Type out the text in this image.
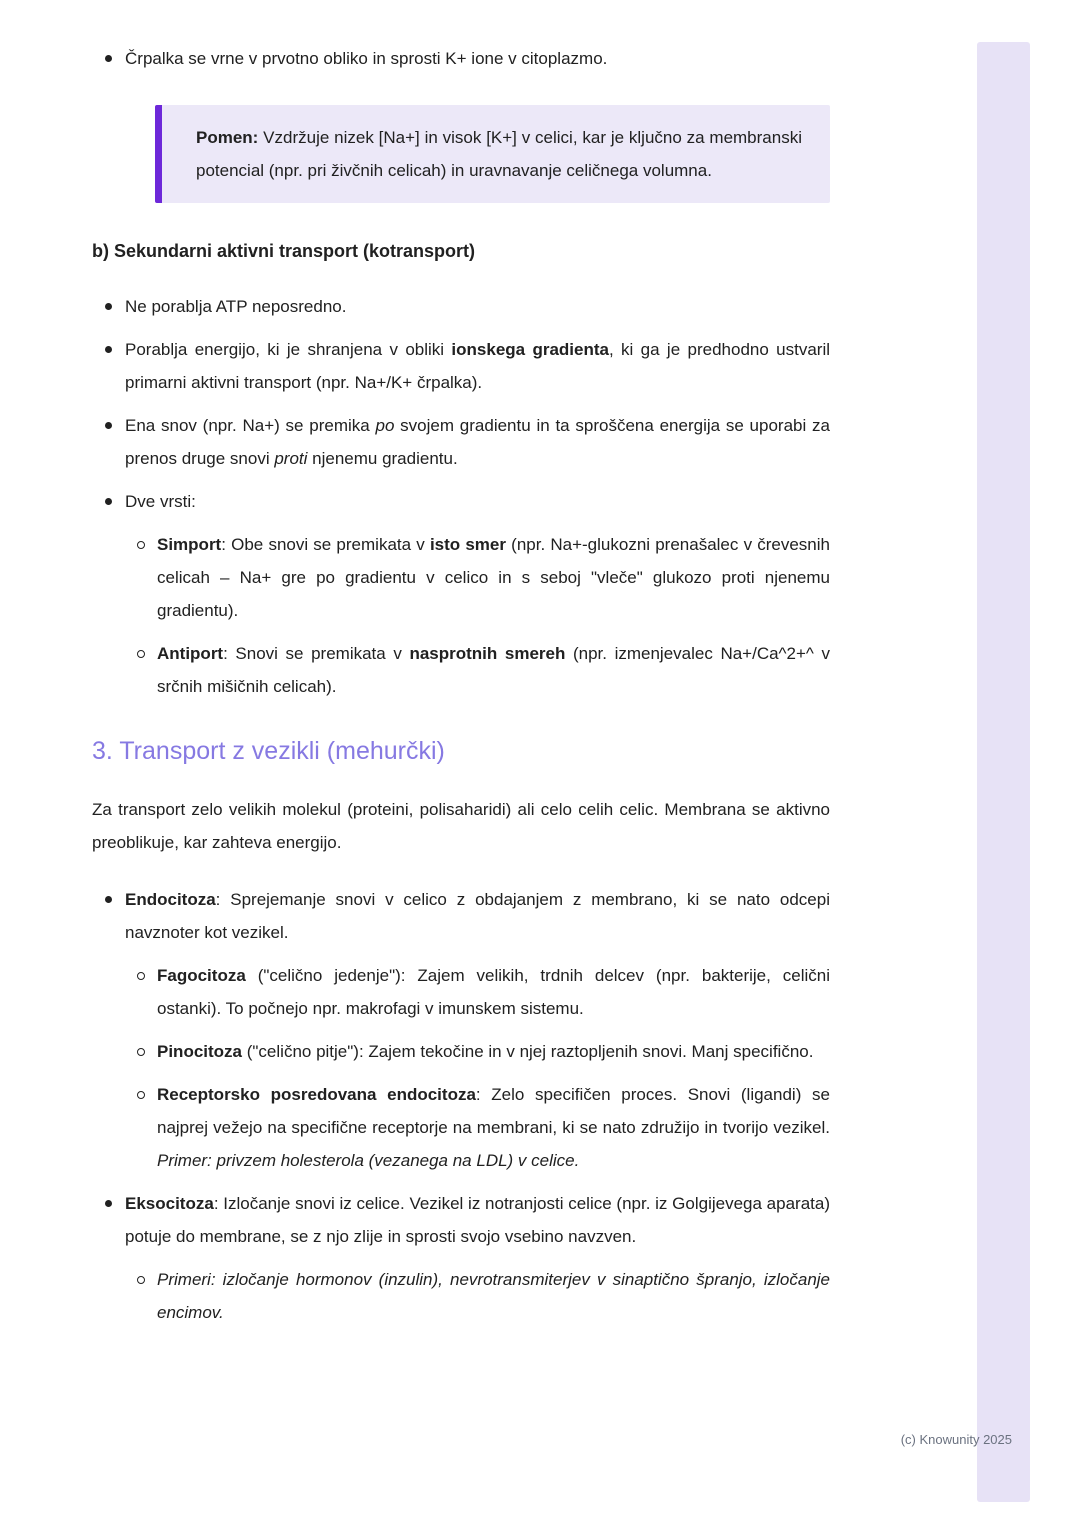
Črpalka se vrne v prvotno obliko in sprosti K+ ione v citoplazmo.
Pomen: Vzdržuje nizek [Na+] in visok [K+] v celici, kar je ključno za membranski potencial (npr. pri živčnih celicah) in uravnavanje celičnega volumna.
b) Sekundarni aktivni transport (kotransport)
Ne porablja ATP neposredno.
Porablja energijo, ki je shranjena v obliki ionskega gradienta, ki ga je predhodno ustvaril primarni aktivni transport (npr. Na+/K+ črpalka).
Ena snov (npr. Na+) se premika po svojem gradientu in ta sproščena energija se uporabi za prenos druge snovi proti njenemu gradientu.
Dve vrsti:
Simport: Obe snovi se premikata v isto smer (npr. Na+-glukozni prenašalec v črevesnih celicah – Na+ gre po gradientu v celico in s seboj "vleče" glukozo proti njenemu gradientu).
Antiport: Snovi se premikata v nasprotnih smereh (npr. izmenjevalec Na+/Ca^2+^ v srčnih mišičnih celicah).
3. Transport z vezikli (mehurčki)
Za transport zelo velikih molekul (proteini, polisaharidi) ali celo celih celic. Membrana se aktivno preoblikuje, kar zahteva energijo.
Endocitoza: Sprejemanje snovi v celico z obdajanjem z membrano, ki se nato odcepi navznoter kot vezikel.
Fagocitoza ("celično jedenje"): Zajem velikih, trdnih delcev (npr. bakterije, celični ostanki). To počnejo npr. makrofagi v imunskem sistemu.
Pinocitoza ("celično pitje"): Zajem tekočine in v njej raztopljenih snovi. Manj specifično.
Receptorsko posredovana endocitoza: Zelo specifičen proces. Snovi (ligandi) se najprej vežejo na specifične receptorje na membrani, ki se nato združijo in tvorijo vezikel. Primer: privzem holesterola (vezanega na LDL) v celice.
Eksocitoza: Izločanje snovi iz celice. Vezikel iz notranjosti celice (npr. iz Golgijevega aparata) potuje do membrane, se z njo zlije in sprosti svojo vsebino navzven.
Primeri: izločanje hormonov (inzulin), nevrotransmiterjev v sinaptično špranjo, izločanje encimov.
(c) Knowunity 2025
